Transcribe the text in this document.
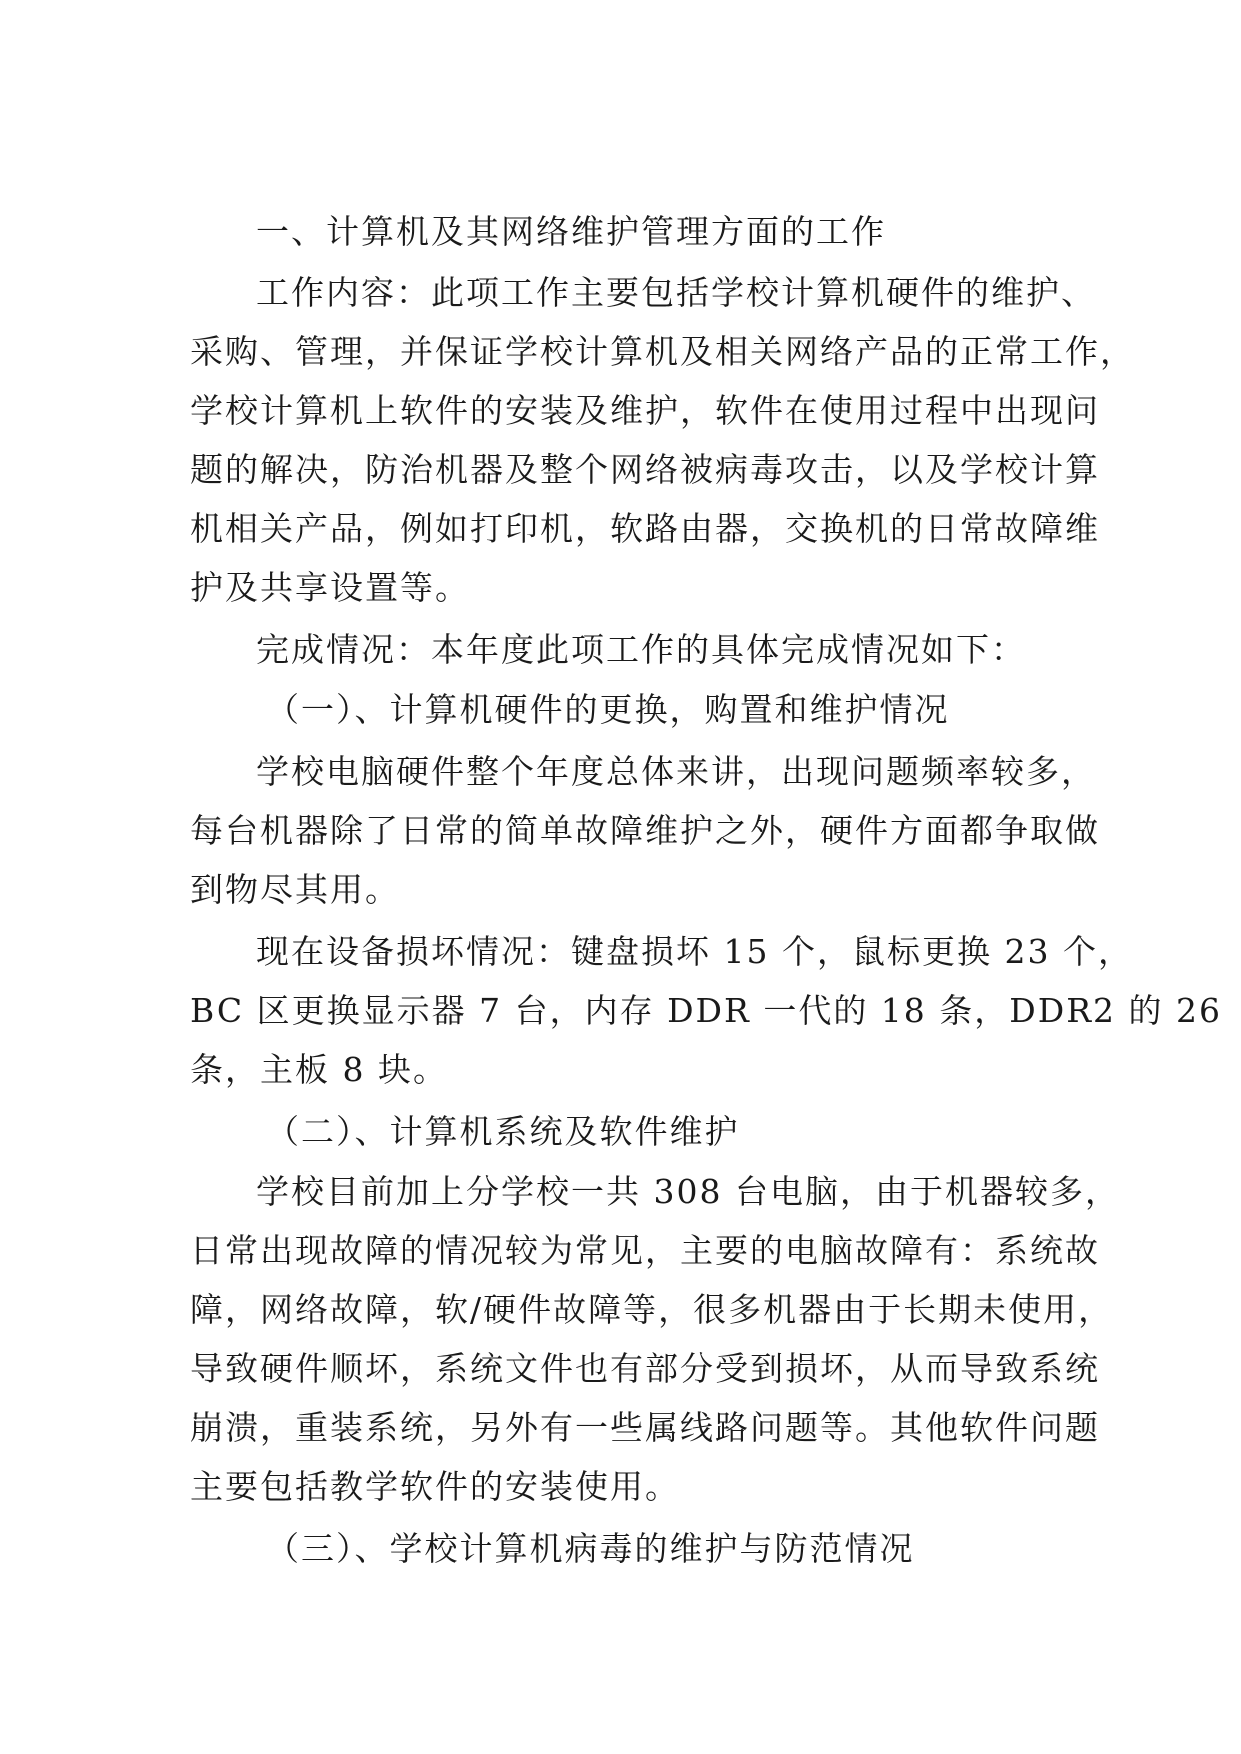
一、计算机及其网络维护管理方面的工作
工作内容：此项工作主要包括学校计算机硬件的维护、
采购、管理，并保证学校计算机及相关网络产品的正常工作，
学校计算机上软件的安装及维护，软件在使用过程中出现问
题的解决，防治机器及整个网络被病毒攻击，以及学校计算
机相关产品，例如打印机，软路由器，交换机的日常故障维
护及共享设置等。
完成情况：本年度此项工作的具体完成情况如下：
（一）、计算机硬件的更换，购置和维护情况
学校电脑硬件整个年度总体来讲，出现问题频率较多，
每台机器除了日常的简单故障维护之外，硬件方面都争取做
到物尽其用。
现在设备损坏情况：键盘损坏 15 个，鼠标更换 23 个，
BC 区更换显示器 7 台，内存 DDR 一代的 18 条，DDR2 的 26
条，主板 8 块。
（二）、计算机系统及软件维护
学校目前加上分学校一共 308 台电脑，由于机器较多，
日常出现故障的情况较为常见，主要的电脑故障有：系统故
障，网络故障，软/硬件故障等，很多机器由于长期未使用，
导致硬件顺坏，系统文件也有部分受到损坏，从而导致系统
崩溃，重装系统，另外有一些属线路问题等。其他软件问题
主要包括教学软件的安装使用。
（三）、学校计算机病毒的维护与防范情况
